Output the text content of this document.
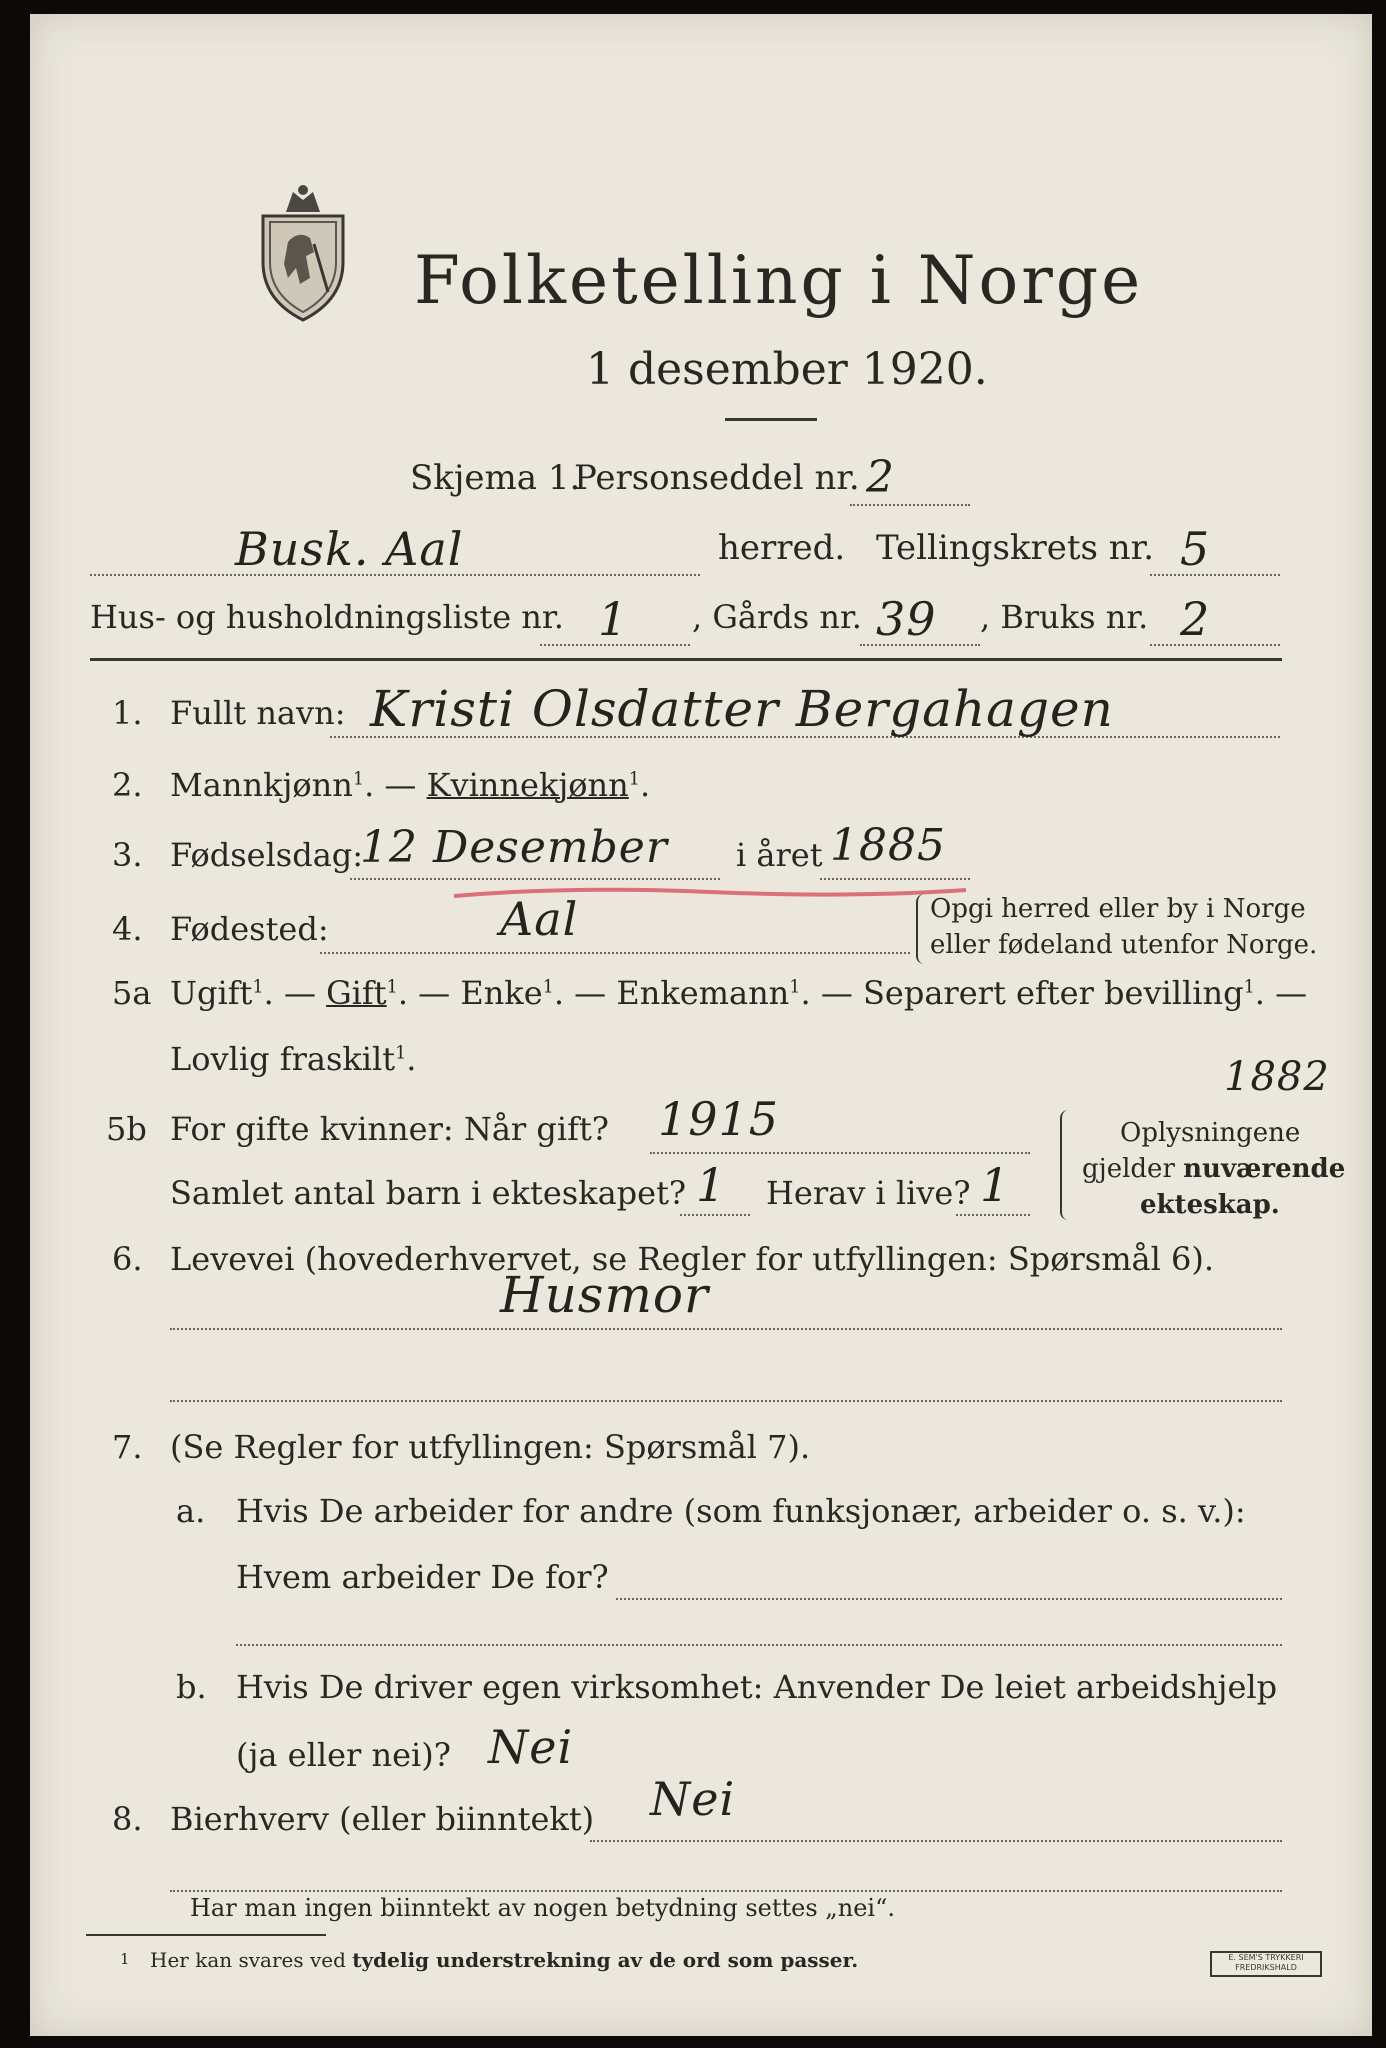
Folketelling i Norge
1 desember 1920.
Skjema 1.
Personseddel nr. 2
Busk. Aal	herred. Tellingskrets nr. 5
Hus- og husholdningsliste nr. 1 , Gårds nr. 39 , Bruks nr. 2
1. Fullt navn: Kristi Olsdatter Bergahagen
2. Mannkjønn$^1$. — Kvinnekjønn$^1$.
3. Fødselsdag:
12 Desember i året 1885
4. Fødested:	Aal	Opgi herred eller by i Norge
eller fødeland utenfor Norge.
5a Ugift$^1$. — Gift$^1$. — Enke$^1$. — Enkemann$^1$. — Separert efter bevilling$^1$. —
Lovlig fraskilt$^1$.	1882
5b For gifte kvinner: Når gift? 1915
Samlet antal barn i ekteskapet? 1 Herav i live? 1
Oplysningene
gjelder nuværende
ekteskap.
6. Levevei (hovederhvervet, se Regler for utfyllingen: Spørsmål 6).
Husmor
7. (Se Regler for utfyllingen: Spørsmål 7).
a. Hvis De arbeider for andre (som funksjonær, arbeider o. s. v.):
Hvem arbeider De for?
b. Hvis De driver egen virksomhet: Anvender De leiet arbeidshjelp
(ja eller nei)? Nei
8. Bierhverv (eller biinntekt) Nei
Har man ingen biinntekt av nogen betydning settes „nei“.
1 Her kan svares ved tydelig understrekning av de ord som passer.	E. SEM'S TRYKKERI FREDRIKSHALD
